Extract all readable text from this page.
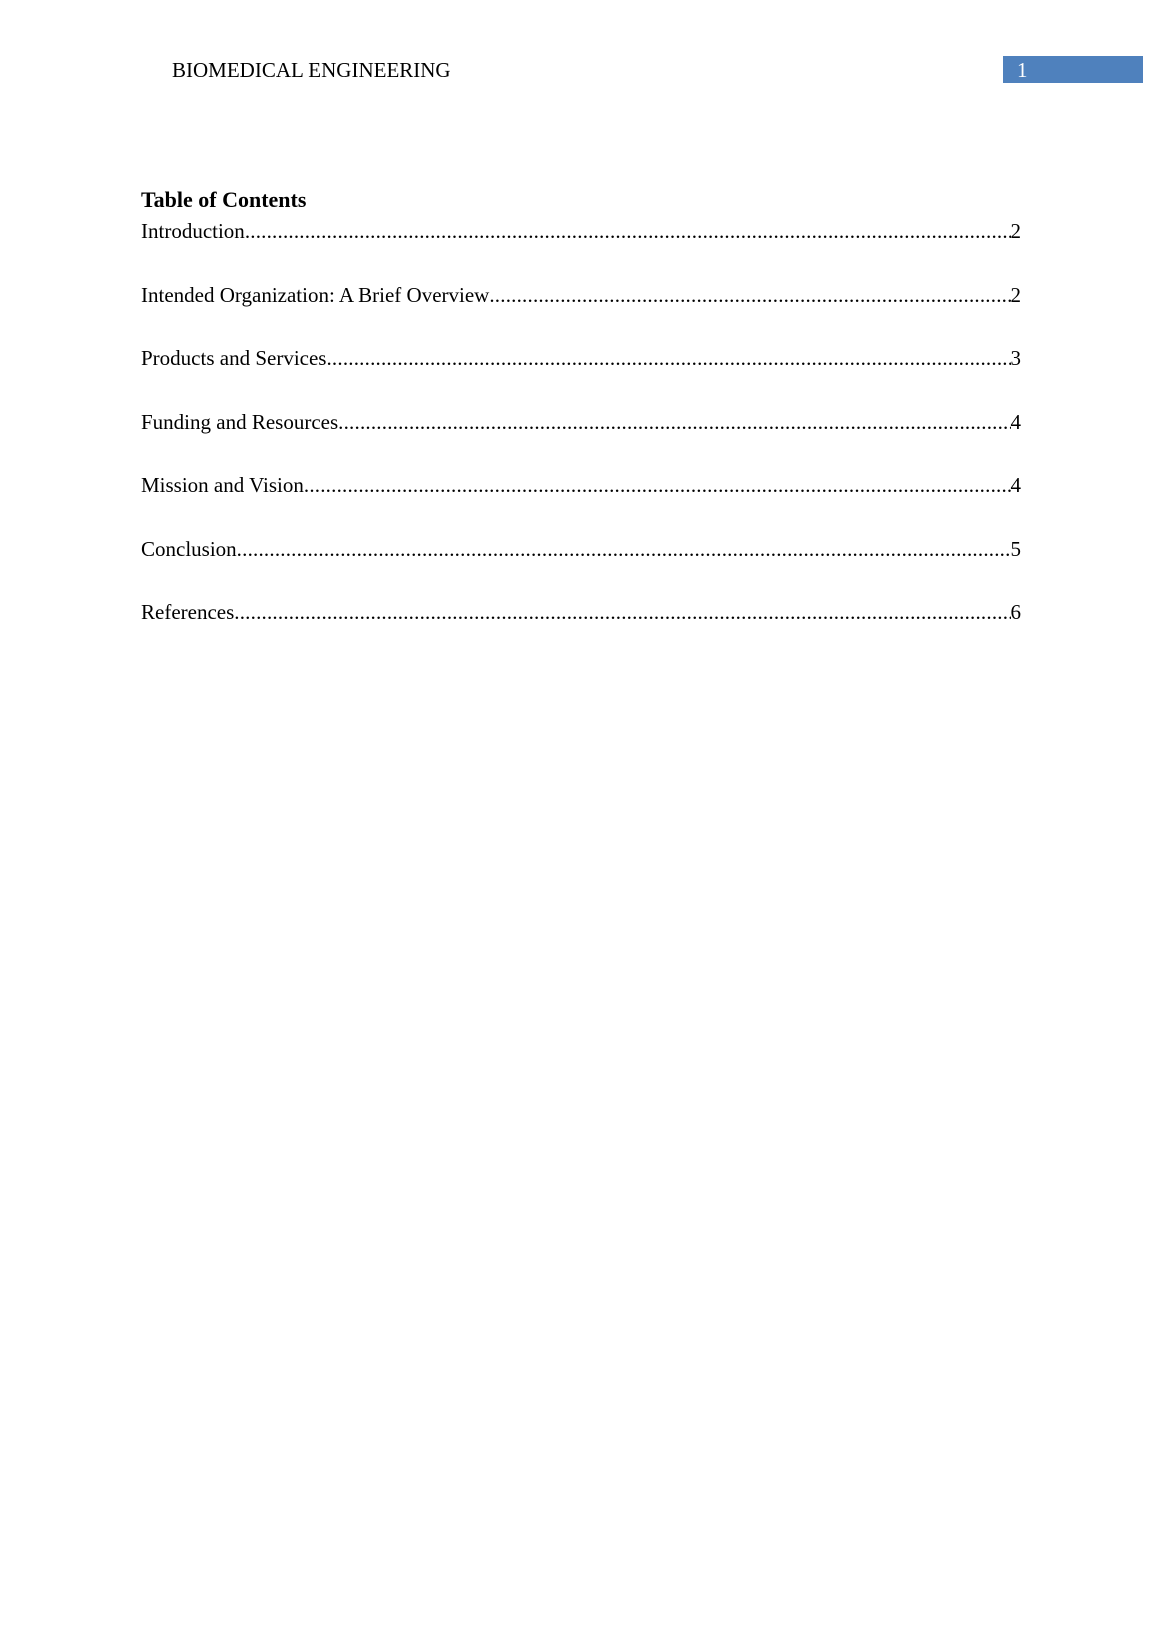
BIOMEDICAL ENGINEERING	1
Table of Contents
Introduction .....	2
Intended Organization: A Brief Overview .....	2
Products and Services .....	3
Funding and Resources .....	4
Mission and Vision .....	4
Conclusion .....	5
References .....	6
